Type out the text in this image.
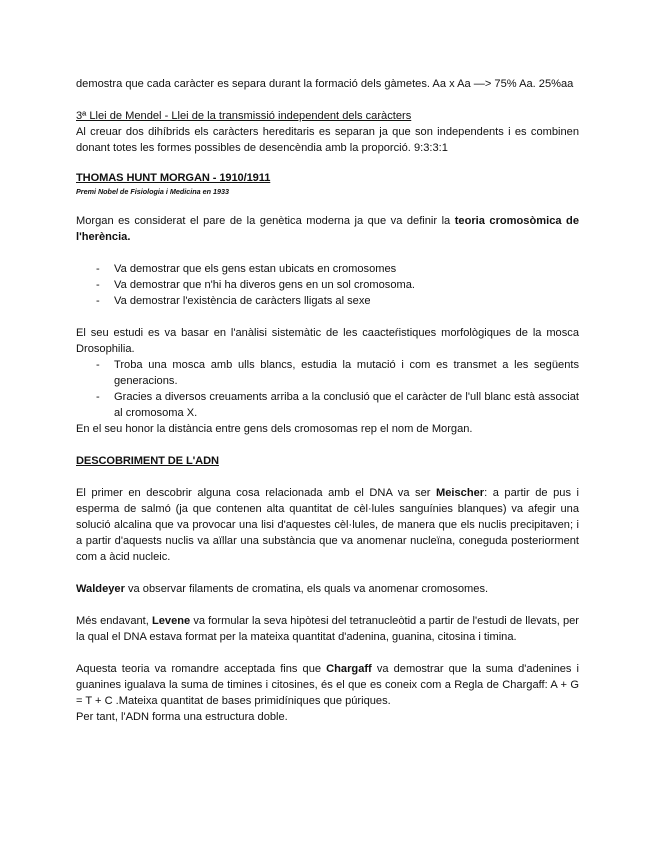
demostra que cada caràcter es separa durant la formació dels gàmetes. Aa x Aa —> 75% Aa. 25%aa

3ª Llei de Mendel - Llei de la transmissió independent dels caràcters

Al creuar dos dihíbrids els caràcters hereditaris es separan ja que son independents i es combinen donant totes les formes possibles de desencèndia amb la proporció. 9:3:3:1

THOMAS HUNT MORGAN - 1910/1911

Premi Nobel de Fisiologia i Medicina en 1933

Morgan es considerat el pare de la genètica moderna ja que va definir la teoria cromosòmica de l'herència.

- Va demostrar que els gens estan ubicats en cromosomes
- Va demostrar que n'hi ha diveros gens en un sol cromosoma.
- Va demostrar l'existència de caràcters lligats al sexe

El seu estudi es va basar en l'anàlisi sistemàtic de les caacteŕistiques morfològiques de la mosca Drosophilia.

- Troba una mosca amb ulls blancs, estudia la mutació i com es transmet a les següents generacions.
- Gracies a diversos creuaments arriba a la conclusió que el caràcter de l'ull blanc està associat al cromosoma X.

En el seu honor la distància entre gens dels cromosomas rep el nom de Morgan.

DESCOBRIMENT DE L'ADN

El primer en descobrir alguna cosa relacionada amb el DNA va ser Meischer: a partir de pus i esperma de salmó (ja que contenen alta quantitat de cèl·lules sanguínies blanques) va afegir una solució alcalina que va provocar una lisi d'aquestes cèl·lules, de manera que els nuclis precipitaven; i a partir d'aquests nuclis va aïllar una substància que va anomenar nucleïna, coneguda posteriorment com a àcid nucleic.

Waldeyer va observar filaments de cromatina, els quals va anomenar cromosomes.

Més endavant, Levene va formular la seva hipòtesi del tetranucleòtid a partir de l'estudi de llevats, per la qual el DNA estava format per la mateixa quantitat d'adenina, guanina, citosina i timina.

Aquesta teoria va romandre acceptada fins que Chargaff va demostrar que la suma d'adenines i guanines igualava la suma de timines i citosines, és el que es coneix com a Regla de Chargaff: A + G = T + C .Mateixa quantitat de bases primidíniques que púriques.

Per tant, l'ADN forma una estructura doble.
